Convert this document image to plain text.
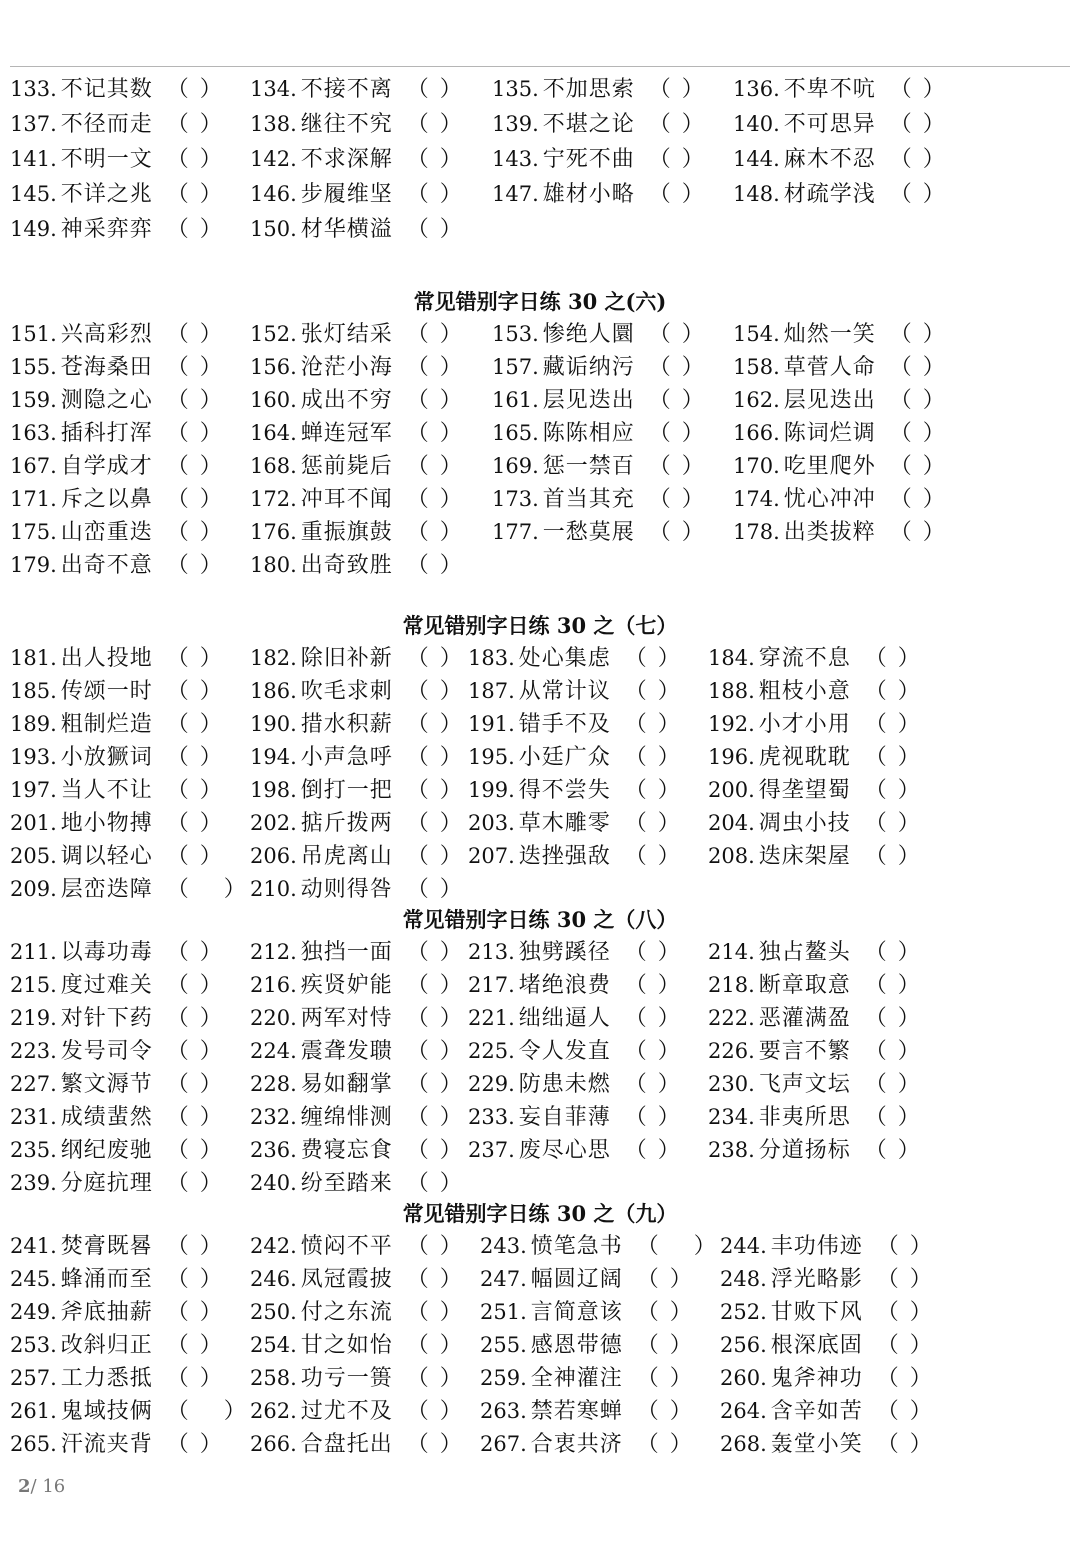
133. 不记其数 （ ） 134. 不接不离 （ ） 135. 不加思索 （ ） 136. 不卑不吭 （ ）
137. 不径而走 （ ） 138. 继往不究 （ ） 139. 不堪之论 （ ） 140. 不可思异 （ ）
141. 不明一文 （ ） 142. 不求深解 （ ） 143. 宁死不曲 （ ） 144. 麻木不忍 （ ）
145. 不详之兆 （ ） 146. 步履维坚 （ ） 147. 雄材小略 （ ） 148. 材疏学浅 （ ）
149. 神采弈弈 （ ） 150. 材华横溢 （ ）
常见错别字日练 30 之(六)
151. 兴高彩烈 （ ） 152. 张灯结采 （ ） 153. 惨绝人圜 （ ） 154. 灿然一笑 （ ）
155. 苍海桑田 （ ） 156. 沧茫小海 （ ） 157. 藏诟纳污 （ ） 158. 草菅人命 （ ）
159. 测隐之心 （ ） 160. 成出不穷 （ ） 161. 层见迭出 （ ） 162. 层见迭出 （ ）
163. 插科打浑 （ ） 164. 蝉连冠军 （ ） 165. 陈陈相应 （ ） 166. 陈词烂调 （ ）
167. 自学成才 （ ） 168. 惩前毙后 （ ） 169. 惩一禁百 （ ） 170. 吃里爬外 （ ）
171. 斥之以鼻 （ ） 172. 冲耳不闻 （ ） 173. 首当其充 （ ） 174. 忧心冲冲 （ ）
175. 山峦重迭 （ ） 176. 重振旗鼓 （ ） 177. 一愁莫展 （ ） 178. 出类拔粹 （ ）
179. 出奇不意 （ ） 180. 出奇致胜 （ ）
常见错别字日练 30 之（七）
181. 出人投地 （ ） 182. 除旧补新 （ ） 183. 处心集虑 （ ） 184. 穿流不息 （ ）
185. 传颂一时 （ ） 186. 吹毛求刺 （ ） 187. 从常计议 （ ） 188. 粗枝小意 （ ）
189. 粗制烂造 （ ） 190. 措水积薪 （ ） 191. 错手不及 （ ） 192. 小才小用 （ ）
193. 小放獗词 （ ） 194. 小声急呼 （ ） 195. 小廷广众 （ ） 196. 虎视耽耽 （ ）
197. 当人不让 （ ） 198. 倒打一把 （ ） 199. 得不尝失 （ ） 200. 得垄望蜀 （ ）
201. 地小物搏 （ ） 202. 掂斤拨两 （ ） 203. 草木雕零 （ ） 204. 凋虫小技 （ ）
205. 调以轻心 （ ） 206. 吊虎离山 （ ） 207. 迭挫强敌 （ ） 208. 迭床架屋 （ ）
209. 层峦迭障 （　 ） 210. 动则得咎 （ ）
常见错别字日练 30 之（八）
211. 以毒功毒 （ ） 212. 独挡一面 （ ） 213. 独劈蹊径 （ ） 214. 独占鳌头 （ ）
215. 度过难关 （ ） 216. 疾贤妒能 （ ） 217. 堵绝浪费 （ ） 218. 断章取意 （ ）
219. 对针下药 （ ） 220. 两军对恃 （ ） 221. 绌绌逼人 （ ） 222. 恶灌满盈 （ ）
223. 发号司令 （ ） 224. 震聋发聩 （ ） 225. 令人发直 （ ） 226. 要言不繁 （ ）
227. 繁文溽节 （ ） 228. 易如翻掌 （ ） 229. 防患未燃 （ ） 230. 飞声文坛 （ ）
231. 成绩蜚然 （ ） 232. 缠绵悱测 （ ） 233. 妄自菲薄 （ ） 234. 非夷所思 （ ）
235. 纲纪废驰 （ ） 236. 费寝忘食 （ ） 237. 废尽心思 （ ） 238. 分道扬标 （ ）
239. 分庭抗理 （ ） 240. 纷至踏来 （ ）
常见错别字日练 30 之（九）
241. 焚膏既晷 （ ） 242. 愤闷不平 （ ） 243. 愤笔急书 （　 ） 244. 丰功伟迹 （ ）
245. 蜂涌而至 （ ） 246. 凤冠霞披 （ ） 247. 幅圆辽阔 （ ） 248. 浮光略影 （ ）
249. 斧底抽薪 （ ） 250. 付之东流 （ ） 251. 言简意该 （ ） 252. 甘败下风 （ ）
253. 改斜归正 （ ） 254. 甘之如怡 （ ） 255. 感恩带德 （ ） 256. 根深底固 （ ）
257. 工力悉抵 （ ） 258. 功亏一篑 （ ） 259. 全神灌注 （ ） 260. 鬼斧神功 （ ）
261. 鬼域技俩 （　 ） 262. 过尤不及 （ ） 263. 禁若寒蝉 （ ） 264. 含辛如苦 （ ）
265. 汗流夹背 （ ） 266. 合盘托出 （ ） 267. 合衷共济 （ ） 268. 轰堂小笑 （ ）
2/ 16
